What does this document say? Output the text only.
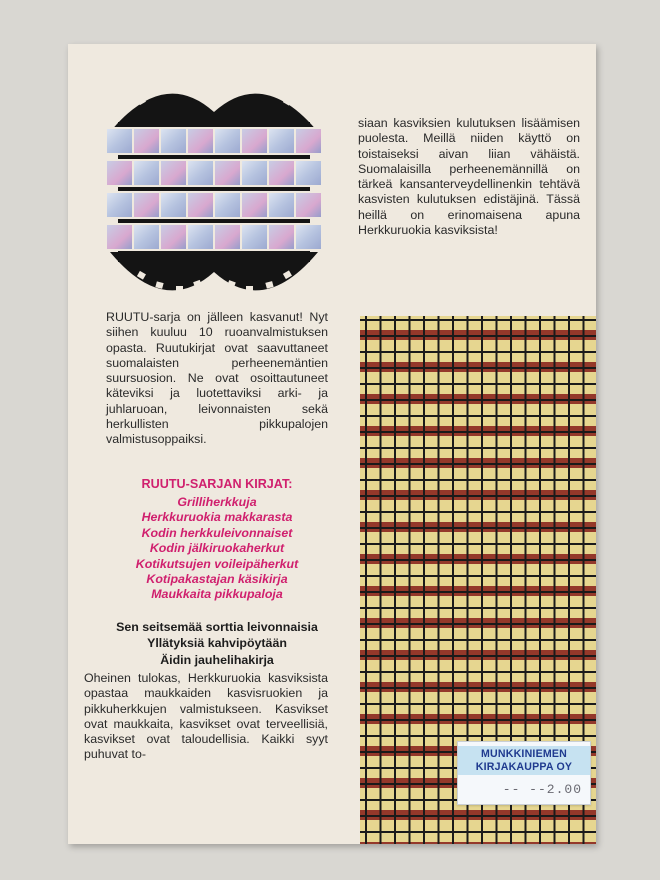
siaan kasviksien kulutuksen lisäämisen puolesta. Meillä niiden käyttö on toistaiseksi aivan liian vähäistä. Suomalaisilla perheenemännillä on tärkeä kansanterveydellinenkin tehtävä kasvisten kulutuksen edistäjinä. Tässä heillä on erinomaisena apuna Herkkuruokia kasviksista!

RUUTU-sarja on jälleen kasvanut! Nyt siihen kuuluu 10 ruoanvalmistuksen opasta. Ruutukirjat ovat saavuttaneet suomalaisten perheenemäntien suursuosion. Ne ovat osoittautuneet käteviksi ja luotettaviksi arki- ja juhlaruoan, leivonnaisten sekä herkullisten pikkupalojen valmistusoppaiksi.

RUUTU-SARJAN KIRJAT:
Grilliherkkuja
Herkkuruokia makkarasta
Kodin herkkuleivonnaiset
Kodin jälkiruokaherkut
Kotikutsujen voileipäherkut
Kotipakastajan käsikirja
Maukkaita pikkupaloja
Sen seitsemää sorttia leivonnaisia
Yllätyksiä kahvipöytään
Äidin jauhelihakirja

Oheinen tulokas, Herkkuruokia kasviksista opastaa maukkaiden kasvisruokien ja pikkuherkkujen valmistukseen. Kasvikset ovat maukkaita, kasvikset ovat terveellisiä, kasvikset ovat taloudellisia. Kaikki syyt puhuvat to-	MUNKKINIEMEN
KIRJAKAUPPA OY
-- --2.00
